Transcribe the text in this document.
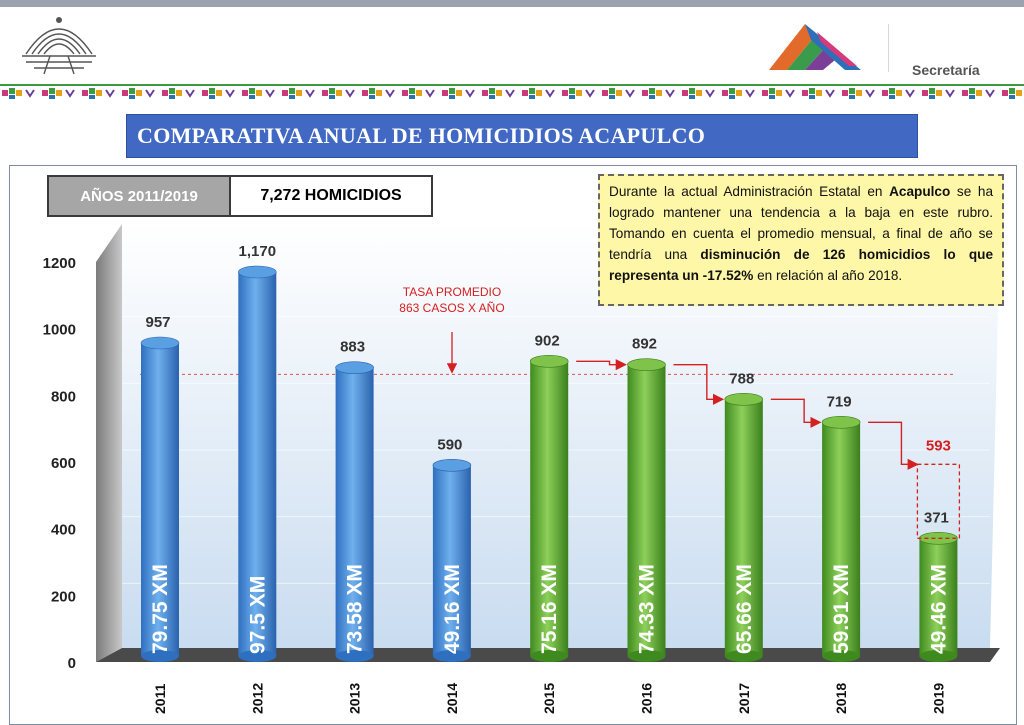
Secretaría
COMPARATIVA ANUAL DE HOMICIDIOS ACAPULCO
0
200
400
600
800
1000
1200
TASA PROMEDIO
863 CASOS X AÑO
957
79.75 XM
2011
1,170
97.5 XM
2012
883
73.58 XM
2013
590
49.16 XM
2014
902
75.16 XM
2015
892
74.33 XM
2016
788
65.66 XM
2017
719
59.91 XM
2018
371
49.46 XM
2019
593
AÑOS 2011/2019	7,272 HOMICIDIOS	Durante la actual Administración Estatal en Acapulco se ha logrado mantener una tendencia a la baja en este rubro. Tomando en cuenta el promedio mensual, a final de año se tendría una disminución de 126 homicidios lo que representa un -17.52% en relación al año 2018.
